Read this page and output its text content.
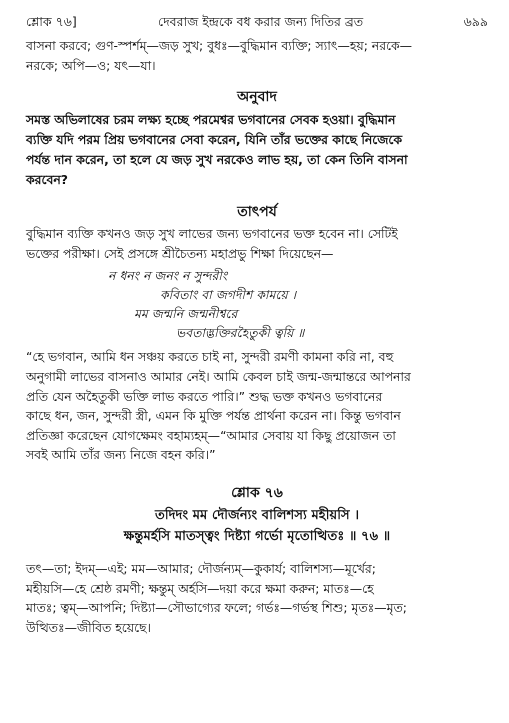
শ্লোক ৭৬]	দেবরাজ ইন্দ্রকে বধ করার জন্য দিতির ব্রত	৬৯৯

বাসনা করবে; গুণ-স্পর্শম্—জড় সুখ; বুধঃ—বুদ্ধিমান ব্যক্তি; স্যাৎ—হয়; নরকে—

নরকে; অপি—ও; যৎ—যা।

অনুবাদ

সমস্ত অভিলাষের চরম লক্ষ্য হচ্ছে পরমেশ্বর ভগবানের সেবক হওয়া। বুদ্ধিমান

ব্যক্তি যদি পরম প্রিয় ভগবানের সেবা করেন, যিনি তাঁর ভক্তের কাছে নিজেকে

পর্যন্ত দান করেন, তা হলে যে জড় সুখ নরকেও লাভ হয়, তা কেন তিনি বাসনা

করবেন?

তাৎপর্য

বুদ্ধিমান ব্যক্তি কখনও জড় সুখ লাভের জন্য ভগবানের ভক্ত হবেন না। সেটিই

ভক্তের পরীক্ষা। সেই প্রসঙ্গে শ্রীচৈতন্য মহাপ্রভু শিক্ষা দিয়েছেন—

ন ধনং ন জনং ন সুন্দরীং
কবিতাং বা জগদীশ কাময়ে ।
মম জন্মনি জন্মনীশ্বরে
ভবতাদ্ভক্তিরহৈতুকী ত্বয়ি ॥

“হে ভগবান, আমি ধন সঞ্চয় করতে চাই না, সুন্দরী রমণী কামনা করি না, বহু

অনুগামী লাভের বাসনাও আমার নেই। আমি কেবল চাই জন্ম-জন্মান্তরে আপনার

প্রতি যেন অহৈতুকী ভক্তি লাভ করতে পারি।” শুদ্ধ ভক্ত কখনও ভগবানের

কাছে ধন, জন, সুন্দরী স্ত্রী, এমন কি মুক্তি পর্যন্ত প্রার্থনা করেন না। কিন্তু ভগবান

প্রতিজ্ঞা করেছেন যোগক্ষেমং বহাম্যহম্—“আমার সেবায় যা কিছু প্রয়োজন তা

সবই আমি তাঁর জন্য নিজে বহন করি।”

শ্লোক ৭৬
তদিদং মম দৌর্জন্যং বালিশস্য মহীয়সি ।
ক্ষন্তুমর্হসি মাতস্ত্বং দিষ্ট্যা গর্ভো মৃতোত্থিতঃ ॥ ৭৬ ॥

তৎ—তা; ইদম্—এই; মম—আমার; দৌর্জন্যম্—কুকার্য; বালিশস্য—মূর্খের;

মহীয়সি—হে শ্রেষ্ঠ রমণী; ক্ষন্তুম্ অর্হসি—দয়া করে ক্ষমা করুন; মাতঃ—হে

মাতঃ; ত্বম্—আপনি; দিষ্ট্যা—সৌভাগ্যের ফলে; গর্ভঃ—গর্ভস্থ শিশু; মৃতঃ—মৃত;

উত্থিতঃ—জীবিত হয়েছে।
